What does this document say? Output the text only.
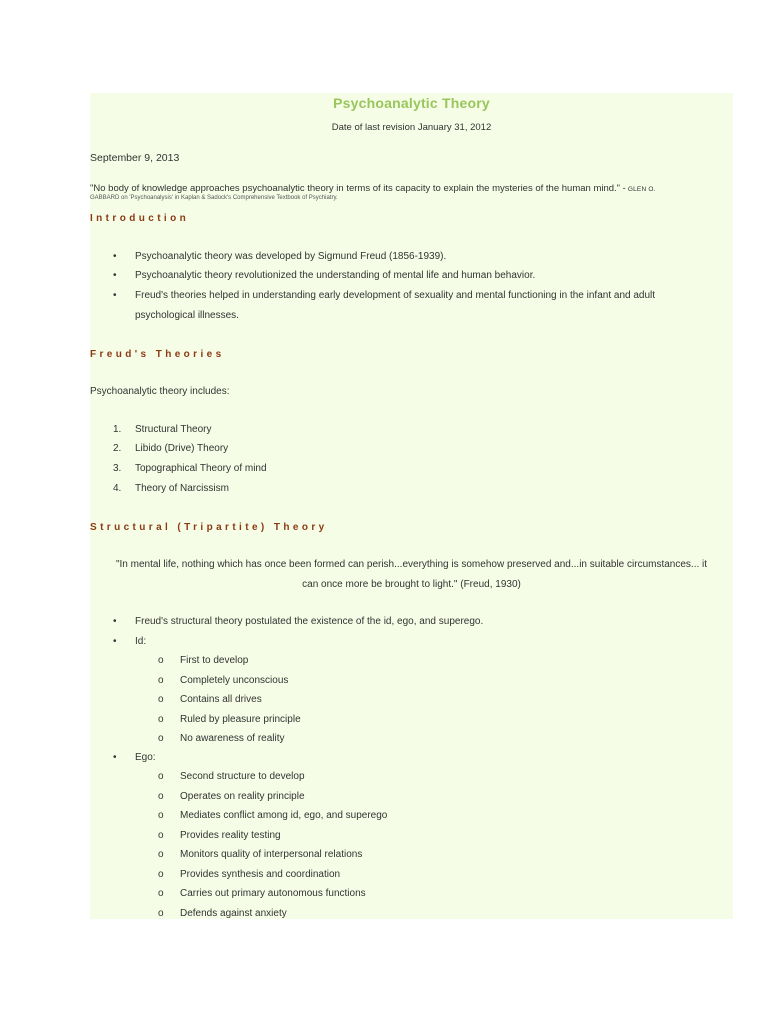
Psychoanalytic Theory
Date of last revision January 31, 2012
September 9, 2013
"No body of knowledge approaches psychoanalytic theory in terms of its capacity to explain the mysteries of the human mind." - GLEN O.
GABBARD on 'Psychoanalysis' in Kaplan & Sadock's Comprehensive Textbook of Psychiatry.
Introduction
• Psychoanalytic theory was developed by Sigmund Freud (1856-1939).
• Psychoanalytic theory revolutionized the understanding of mental life and human behavior.
• Freud's theories helped in understanding early development of sexuality and mental functioning in the infant and adult
psychological illnesses.
Freud's Theories
Psychoanalytic theory includes:
1. Structural Theory
2. Libido (Drive) Theory
3. Topographical Theory of mind
4. Theory of Narcissism
Structural (Tripartite) Theory
"In mental life, nothing which has once been formed can perish...everything is somehow preserved and...in suitable circumstances... it
can once more be brought to light." (Freud, 1930)
• Freud's structural theory postulated the existence of the id, ego, and superego.
• Id:
o First to develop
o Completely unconscious
o Contains all drives
o Ruled by pleasure principle
o No awareness of reality
• Ego:
o Second structure to develop
o Operates on reality principle
o Mediates conflict among id, ego, and superego
o Provides reality testing
o Monitors quality of interpersonal relations
o Provides synthesis and coordination
o Carries out primary autonomous functions
o Defends against anxiety
